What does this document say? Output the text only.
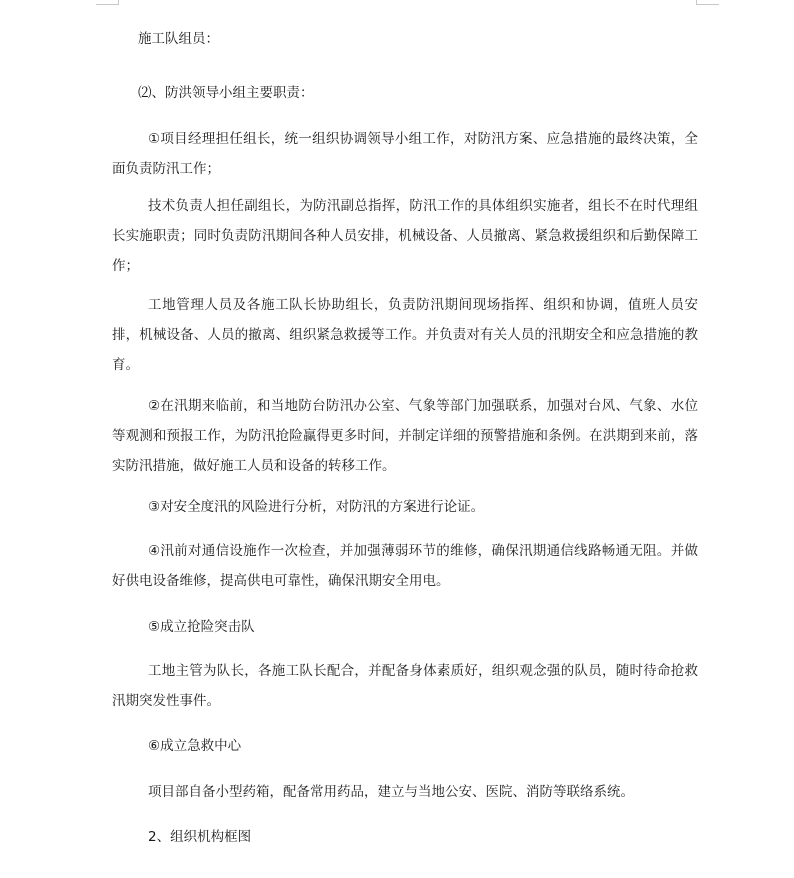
施工队组员：

⑵、防洪领导小组主要职责：

①项目经理担任组长，统一组织协调领导小组工作，对防汛方案、应急措施的最终决策，全面负责防汛工作；

技术负责人担任副组长，为防汛副总指挥，防汛工作的具体组织实施者，组长不在时代理组长实施职责；同时负责防汛期间各种人员安排，机械设备、人员撤离、紧急救援组织和后勤保障工作；

工地管理人员及各施工队长协助组长，负责防汛期间现场指挥、组织和协调，值班人员安排，机械设备、人员的撤离、组织紧急救援等工作。并负责对有关人员的汛期安全和应急措施的教育。

②在汛期来临前，和当地防台防汛办公室、气象等部门加强联系，加强对台风、气象、水位等观测和预报工作，为防汛抢险赢得更多时间，并制定详细的预警措施和条例。在洪期到来前，落实防汛措施，做好施工人员和设备的转移工作。

③对安全度汛的风险进行分析，对防汛的方案进行论证。

④汛前对通信设施作一次检查，并加强薄弱环节的维修，确保汛期通信线路畅通无阻。并做好供电设备维修，提高供电可靠性，确保汛期安全用电。

⑤成立抢险突击队

工地主管为队长，各施工队长配合，并配备身体素质好，组织观念强的队员，随时待命抢救汛期突发性事件。

⑥成立急救中心

项目部自备小型药箱，配备常用药品，建立与当地公安、医院、消防等联络系统。

2、组织机构框图
